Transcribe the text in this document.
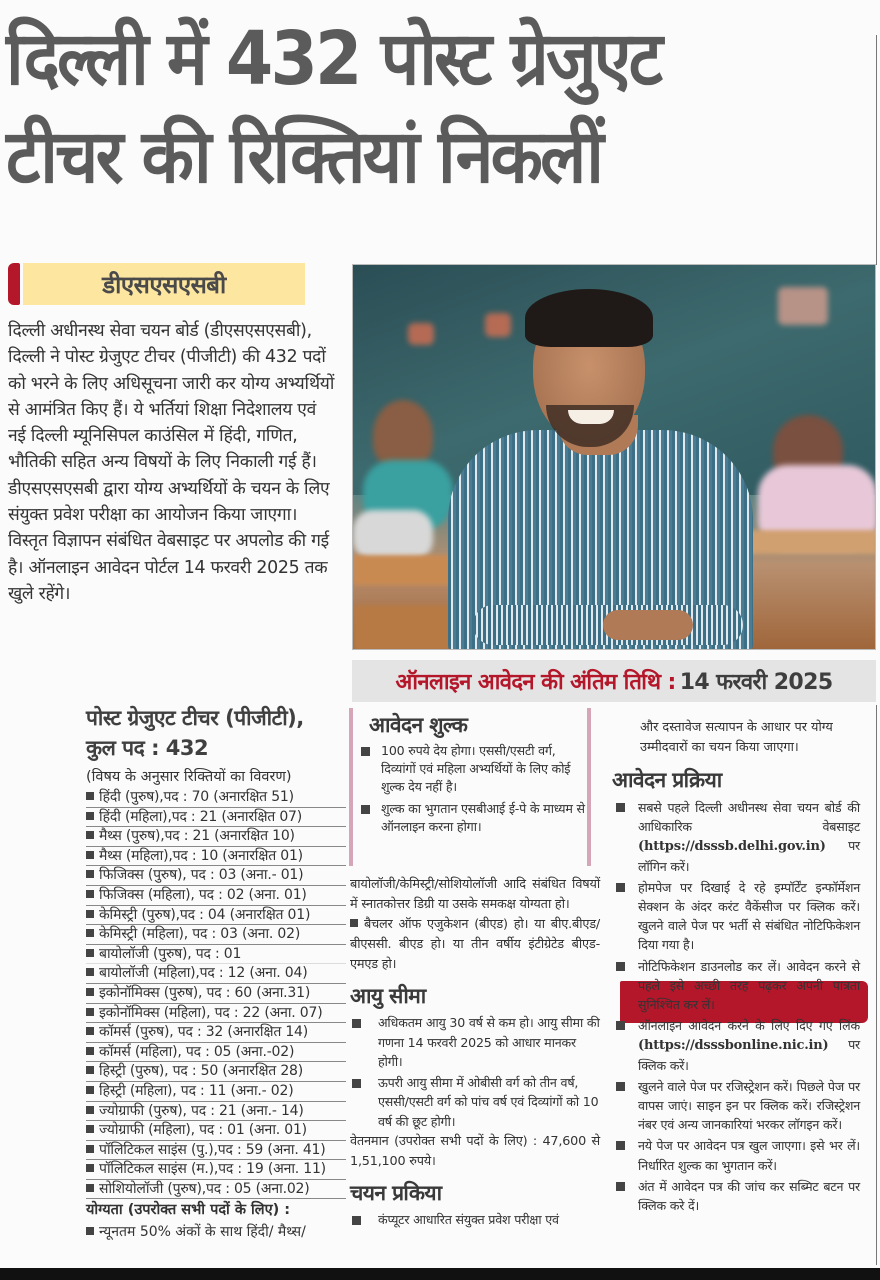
दिल्ली में 432 पोस्ट ग्रेजुएट
टीचर की रिक्तियां निकलीं
डीएसएसएसबी
दिल्ली अधीनस्थ सेवा चयन बोर्ड (डीएसएसएसबी), दिल्ली ने पोस्ट ग्रेजुएट टीचर (पीजीटी) की 432 पदों को भरने के लिए अधिसूचना जारी कर योग्य अभ्यर्थियों से आमंत्रित किए हैं। ये भर्तियां शिक्षा निदेशालय एवं नई दिल्ली म्यूनिसिपल काउंसिल में हिंदी, गणित, भौतिकी सहित अन्य विषयों के लिए निकाली गई हैं। डीएसएसएसबी द्वारा योग्य अभ्यर्थियों के चयन के लिए संयुक्त प्रवेश परीक्षा का आयोजन किया जाएगा। विस्तृत विज्ञापन संबंधित वेबसाइट पर अपलोड की गई है। ऑनलाइन आवेदन पोर्टल 14 फरवरी 2025 तक खुले रहेंगे।
पोस्ट ग्रेजुएट टीचर (पीजीटी),
कुल पद : 432
(विषय के अनुसार रिक्तियों का विवरण)
हिंदी (पुरुष),पद : 70 (अनारक्षित 51)
हिंदी (महिला),पद : 21 (अनारक्षित 07)
मैथ्स (पुरुष),पद : 21 (अनारक्षित 10)
मैथ्स (महिला),पद : 10 (अनारक्षित 01)
फिजिक्स (पुरुष), पद : 03 (अना.- 01)
फिजिक्स (महिला), पद : 02 (अना. 01)
केमिस्ट्री (पुरुष),पद : 04 (अनारक्षित 01)
केमिस्ट्री (महिला), पद : 03 (अना. 02)
बायोलॉजी (पुरुष), पद : 01
बायोलॉजी (महिला),पद : 12 (अना. 04)
इकोनॉमिक्स (पुरुष), पद : 60 (अना.31)
इकोनॉमिक्स (महिला), पद : 22 (अना. 07)
कॉमर्स (पुरुष), पद : 32 (अनारक्षित 14)
कॉमर्स (महिला), पद : 05 (अना.-02)
हिस्ट्री (पुरुष), पद : 50 (अनारक्षित 28)
हिस्ट्री (महिला), पद : 11 (अना.- 02)
ज्योग्राफी (पुरुष), पद : 21 (अना.- 14)
ज्योग्राफी (महिला), पद : 01 (अना. 01)
पॉलिटिकल साइंस (पु.),पद : 59 (अना. 41)
पॉलिटिकल साइंस (म.),पद : 19 (अना. 11)
सोशियोलॉजी (पुरुष),पद : 05 (अना.02)
योग्यता (उपरोक्त सभी पदों के लिए) :
न्यूनतम 50% अंकों के साथ हिंदी/ मैथ्स/
ऑनलाइन आवेदन की अंतिम तिथि : 14 फरवरी 2025
आवेदन शुल्क
100 रुपये देय होगा। एससी/एसटी वर्ग, दिव्यांगों एवं महिला अभ्यर्थियों के लिए कोई शुल्क देय नहीं है।
शुल्क का भुगतान एसबीआई ई-पे के माध्यम से ऑनलाइन करना होगा।
बायोलॉजी/केमिस्ट्री/सोशियोलॉजी आदि संबंधित विषयों में स्नातकोत्तर डिग्री या उसके समकक्ष योग्यता हो।
बैचलर ऑफ एजुकेशन (बीएड) हो। या बीए.बीएड/बीएससी. बीएड हो। या तीन वर्षीय इंटीग्रेटेड बीएड-एमएड हो।
आयु सीमा
अधिकतम आयु 30 वर्ष से कम हो। आयु सीमा की गणना 14 फरवरी 2025 को आधार मानकर होगी।
ऊपरी आयु सीमा में ओबीसी वर्ग को तीन वर्ष, एससी/एसटी वर्ग को पांच वर्ष एवं दिव्यांगों को 10 वर्ष की छूट होगी।
वेतनमान (उपरोक्त सभी पदों के लिए) : 47,600 से 1,51,100 रुपये।
चयन प्रकिया
कंप्यूटर आधारित संयुक्त प्रवेश परीक्षा एवं
और दस्तावेज सत्यापन के आधार पर योग्य उम्मीदवारों का चयन किया जाएगा।
आवेदन प्रक्रिया
सबसे पहले दिल्ली अधीनस्थ सेवा चयन बोर्ड की आधिकारिक वेबसाइट (https://dsssb.delhi.gov.in) पर लॉगिन करें।
होमपेज पर दिखाई दे रहे इम्पॉर्टेंट इन्फॉर्मेशन सेक्शन के अंदर करंट वैकेंसीज पर क्लिक करें। खुलने वाले पेज पर भर्ती से संबंधित नोटिफिकेशन दिया गया है।
नोटिफिकेशन डाउनलोड कर लें। आवेदन करने से पहले इसे अच्छी तरह पढ़कर अपनी पात्रता सुनिश्चित कर लें।
ऑनलाइन आवेदन करने के लिए दिए गए लिंक (https://dsssbonline.nic.in) पर क्लिक करें।
खुलने वाले पेज पर रजिस्ट्रेशन करें। पिछले पेज पर वापस जाएं। साइन इन पर क्लिक करें। रजिस्ट्रेशन नंबर एवं अन्य जानकारियां भरकर लॉगइन करें।
नये पेज पर आवेदन पत्र खुल जाएगा। इसे भर लें। निर्धारित शुल्क का भुगतान करें।
अंत में आवेदन पत्र की जांच कर सब्मिट बटन पर क्लिक करे दें।
